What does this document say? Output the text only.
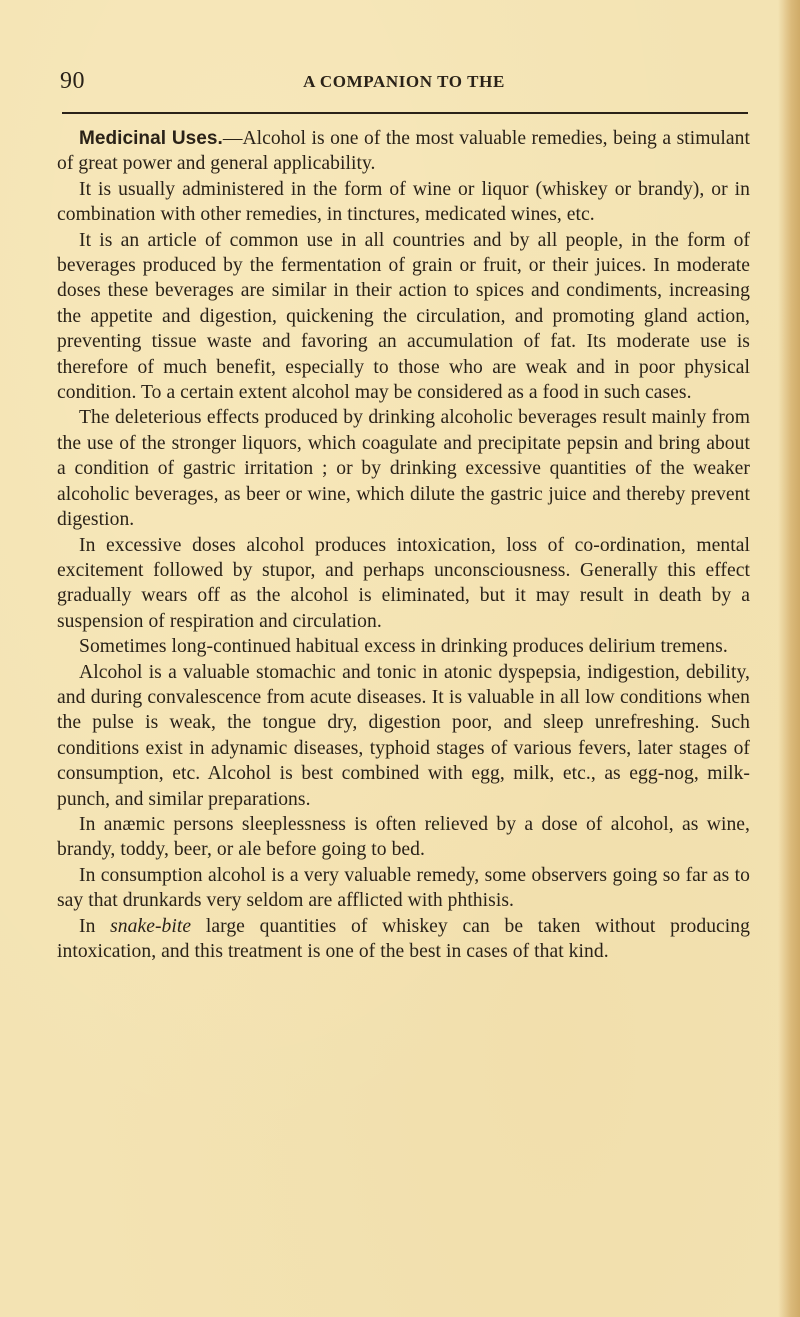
90	A COMPANION TO THE

Medicinal Uses.—Alcohol is one of the most valuable remedies, being a stimulant of great power and general applicability.

It is usually administered in the form of wine or liquor (whiskey or brandy), or in combination with other remedies, in tinctures, medicated wines, etc.

It is an article of common use in all countries and by all people, in the form of beverages produced by the fermentation of grain or fruit, or their juices. In moderate doses these beverages are similar in their action to spices and condiments, increasing the appetite and digestion, quickening the circulation, and promoting gland action, preventing tissue waste and favoring an accumulation of fat. Its moderate use is therefore of much benefit, especially to those who are weak and in poor physical condition. To a certain extent alcohol may be considered as a food in such cases.

The deleterious effects produced by drinking alcoholic beverages result mainly from the use of the stronger liquors, which coagulate and precipitate pepsin and bring about a condition of gastric irritation ; or by drinking excessive quantities of the weaker alcoholic beverages, as beer or wine, which dilute the gastric juice and thereby prevent digestion.

In excessive doses alcohol produces intoxication, loss of co-ordination, mental excitement followed by stupor, and perhaps unconsciousness. Generally this effect gradually wears off as the alcohol is eliminated, but it may result in death by a suspension of respiration and circulation.

Sometimes long-continued habitual excess in drinking produces delirium tremens.

Alcohol is a valuable stomachic and tonic in atonic dyspepsia, indigestion, debility, and during convalescence from acute diseases. It is valuable in all low conditions when the pulse is weak, the tongue dry, digestion poor, and sleep unrefreshing. Such conditions exist in adynamic diseases, typhoid stages of various fevers, later stages of consumption, etc. Alcohol is best combined with egg, milk, etc., as egg-nog, milk-punch, and similar preparations.

In anæmic persons sleeplessness is often relieved by a dose of alcohol, as wine, brandy, toddy, beer, or ale before going to bed.

In consumption alcohol is a very valuable remedy, some observers going so far as to say that drunkards very seldom are afflicted with phthisis.

In snake-bite large quantities of whiskey can be taken without producing intoxication, and this treatment is one of the best in cases of that kind.
